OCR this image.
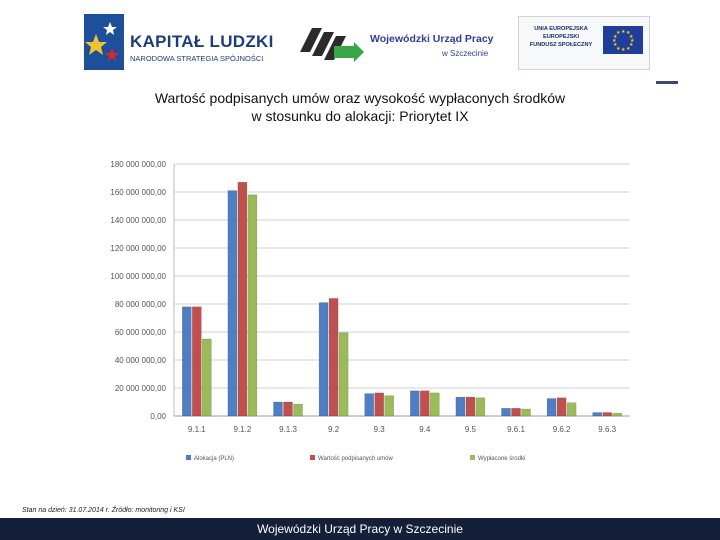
KAPITAŁ LUDZKI
NARODOWA STRATEGIA SPÓJNOŚCI
Wojewódzki Urząd Pracy
w Szczecinie
UNIA EUROPEJSKA
EUROPEJSKI
FUNDUSZ SPOŁECZNY
★ ★
★
★
★
★
★
★
★
★
★
★
Wartość podpisanych umów oraz wysokość wypłaconych środków
w stosunku do alokacji: Priorytet IX
0,00
20 000 000,00
40 000 000,00
60 000 000,00
80 000 000,00
100 000 000,00
120 000 000,00
140 000 000,00
160 000 000,00
180 000 000,00
9.1.1	9.1.2	9.1.3	9.2	9.3	9.4	9.5	9.6.1	9.6.2	9.6.3
Alokacja (PLN)	Wartość podpisanych umów	Wypłacone środki
Stan na dzień: 31.07.2014 r. Źródło: monitoring i KSI
Wojewódzki Urząd Pracy w Szczecinie
